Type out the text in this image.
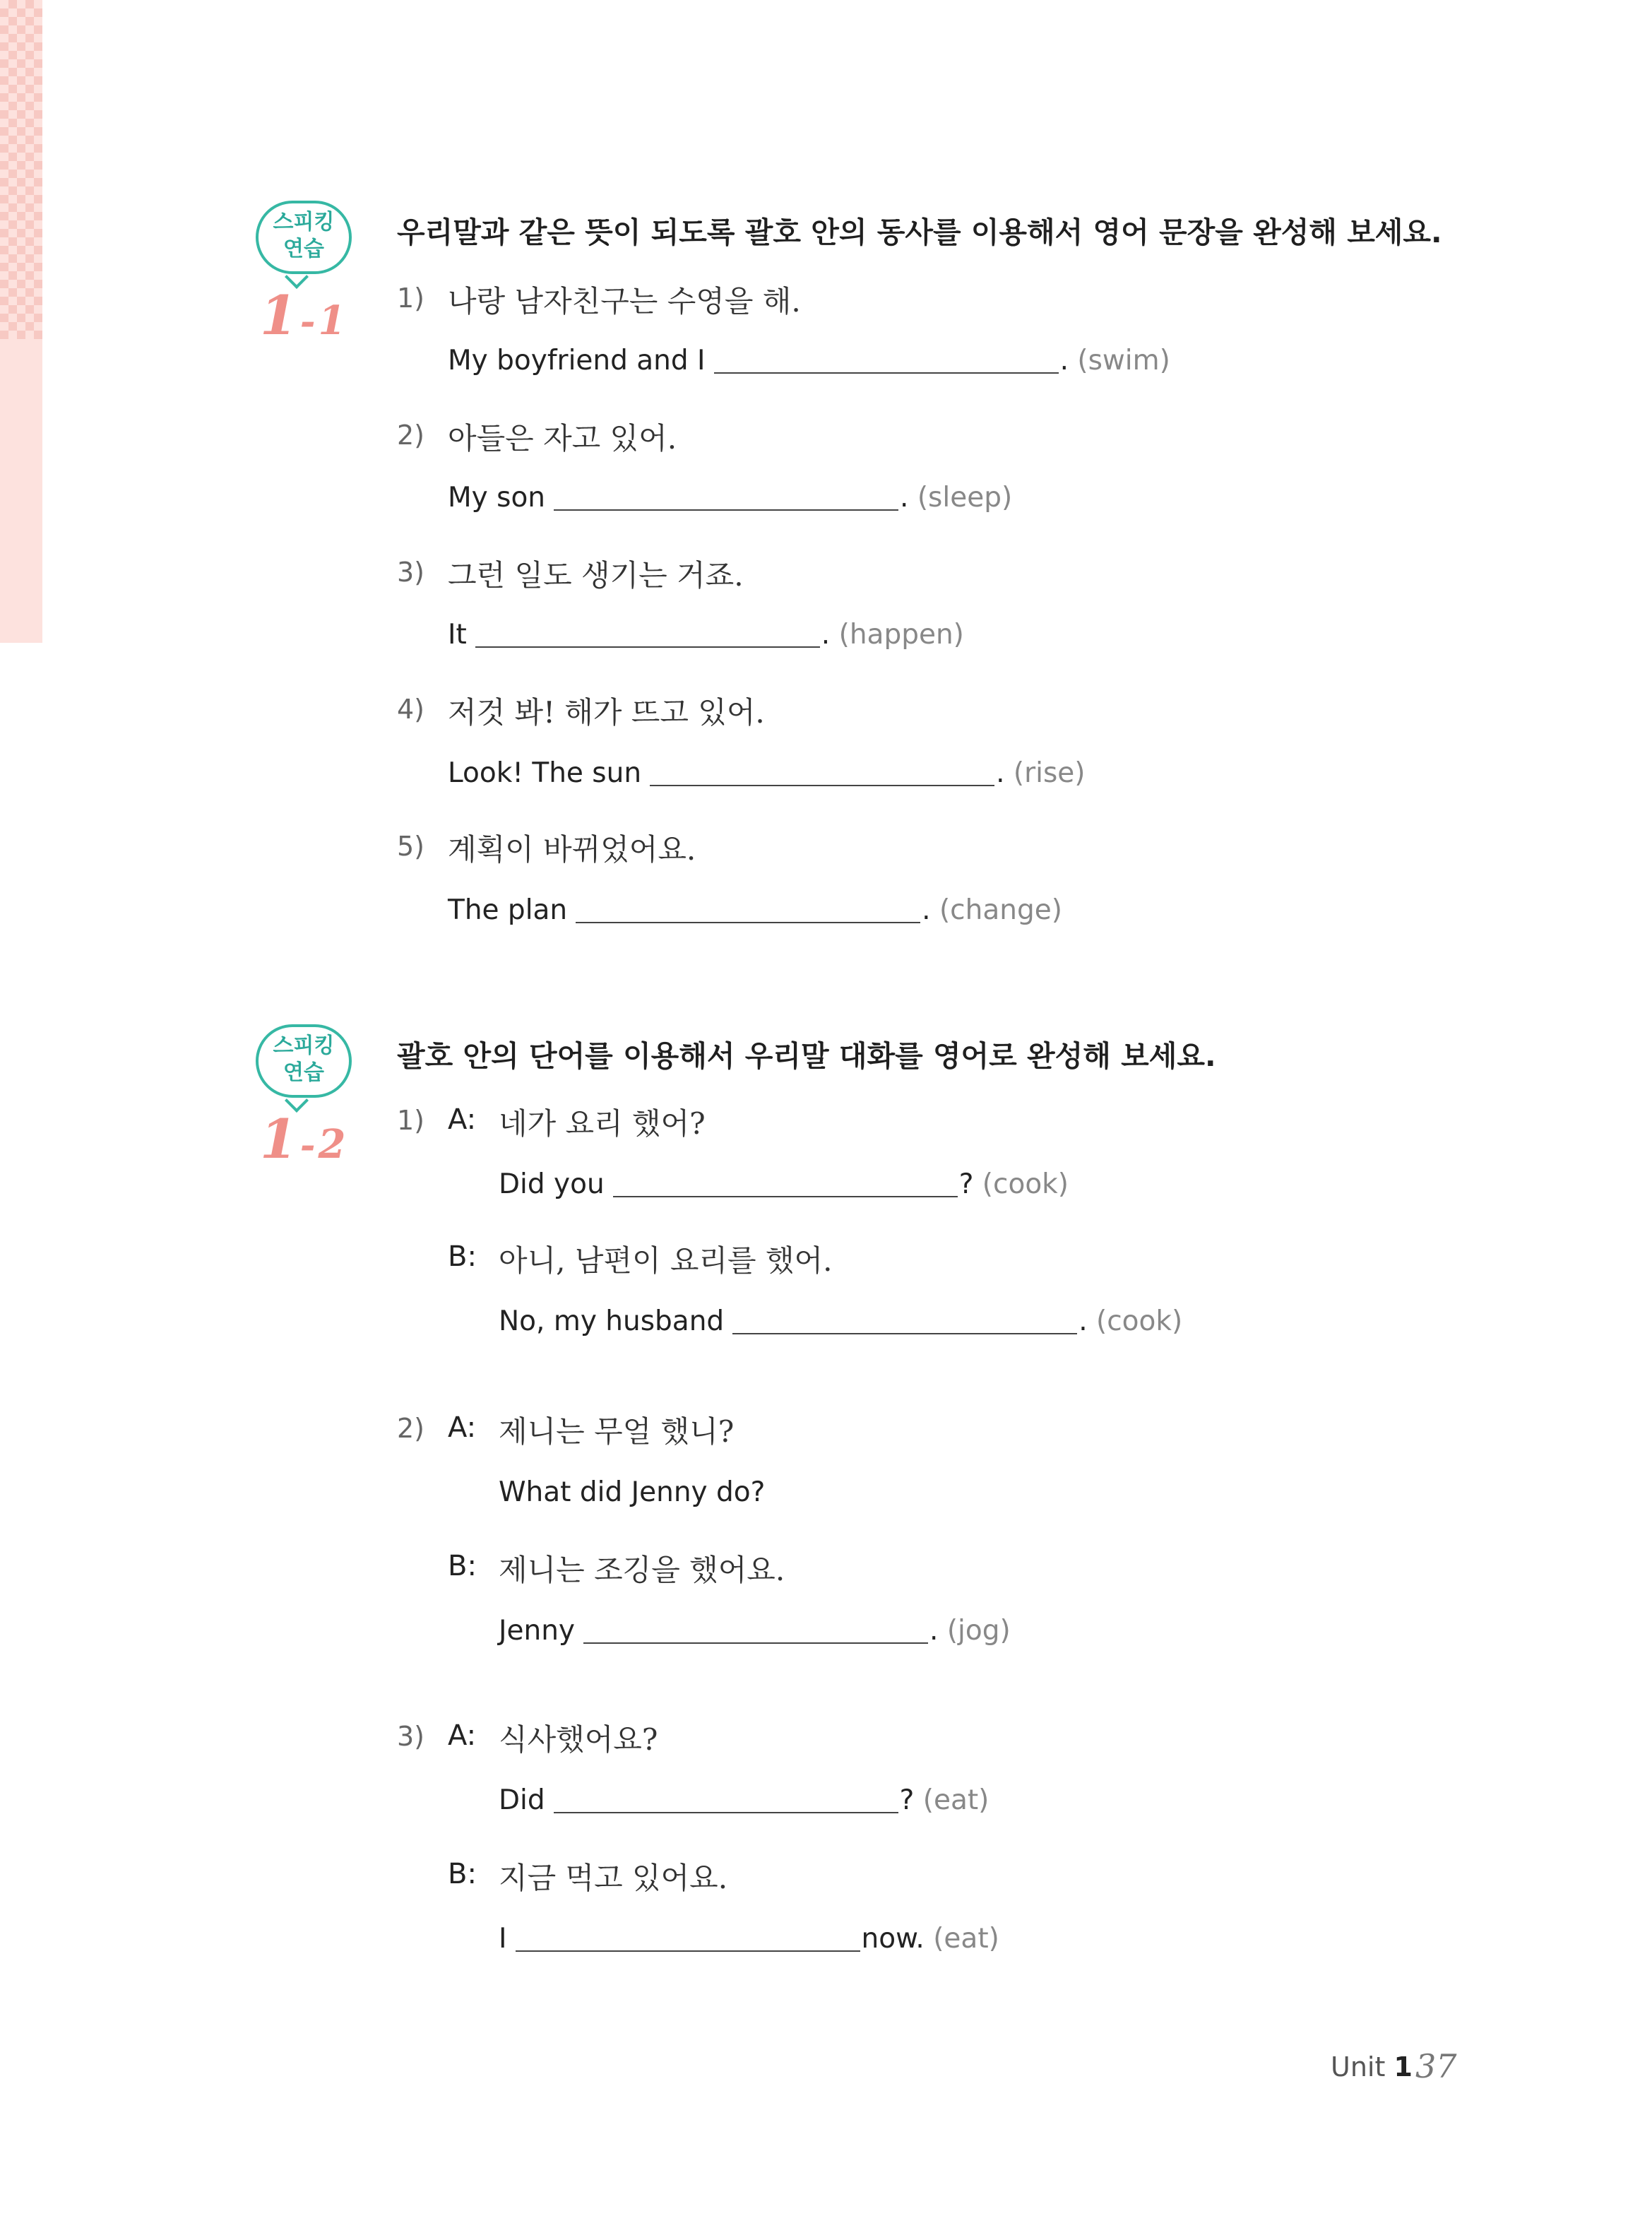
스피킹
연습
1-1
우리말과 같은 뜻이 되도록 괄호 안의 동사를 이용해서 영어 문장을 완성해 보세요.
1) 나랑 남자친구는 수영을 해.
My boyfriend and I	. (swim)
2) 아들은 자고 있어.
My son	. (sleep)
3) 그런 일도 생기는 거죠.
It	. (happen)
4) 저것 봐! 해가 뜨고 있어.
Look! The sun	. (rise)
5) 계획이 바뀌었어요.
The plan	. (change)
스피킹
연습
1-2
괄호 안의 단어를 이용해서 우리말 대화를 영어로 완성해 보세요.
1) A: 네가 요리 했어?
Did you	? (cook)
B: 아니, 남편이 요리를 했어.
No, my husband	. (cook)
2) A: 제니는 무얼 했니?
What did Jenny do?
B: 제니는 조깅을 했어요.
Jenny	. (jog)
3) A: 식사했어요?
Did	? (eat)
B: 지금 먹고 있어요.
I	now. (eat)
Unit 1 37
